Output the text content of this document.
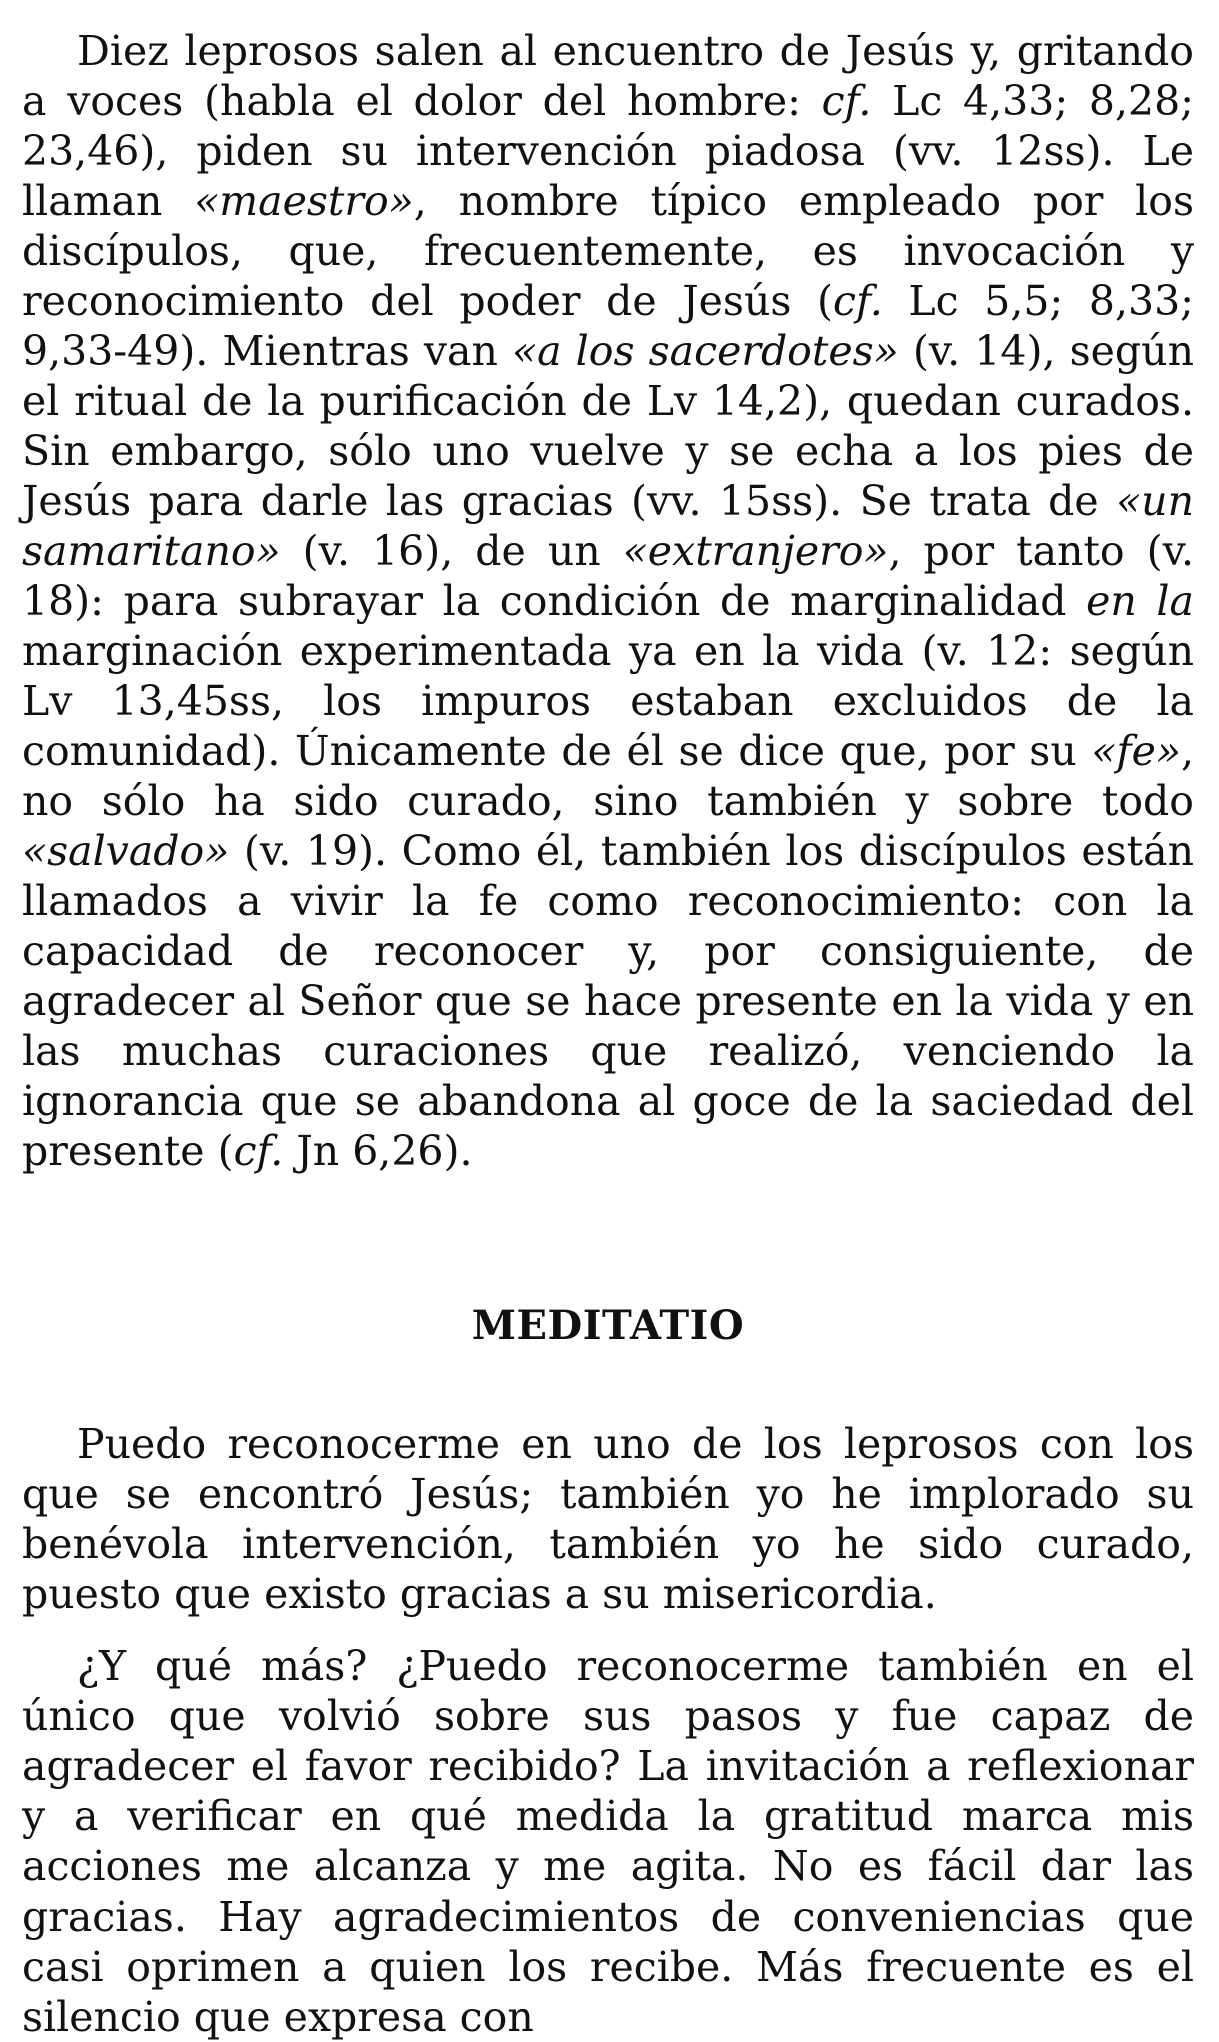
Diez leprosos salen al encuentro de Jesús y, gritando a voces (habla el dolor del hombre: cf. Lc 4,33; 8,28; 23,46), piden su intervención piadosa (vv. 12ss). Le llaman «maestro», nombre típico empleado por los discípulos, que, frecuentemente, es invocación y reconocimiento del poder de Jesús (cf. Lc 5,5; 8,33; 9,33-49). Mientras van «a los sacerdotes» (v. 14), según el ritual de la purificación de Lv 14,2), quedan curados. Sin embargo, sólo uno vuelve y se echa a los pies de Jesús para darle las gracias (vv. 15ss). Se trata de «un samaritano» (v. 16), de un «extranjero», por tanto (v. 18): para subrayar la condición de marginalidad en la marginación experimentada ya en la vida (v. 12: según Lv 13,45ss, los impuros estaban excluidos de la comunidad). Únicamente de él se dice que, por su «fe», no sólo ha sido curado, sino también y sobre todo «salvado» (v. 19). Como él, también los discípulos están llamados a vivir la fe como reconocimiento: con la capacidad de reconocer y, por consiguiente, de agradecer al Señor que se hace presente en la vida y en las muchas curaciones que realizó, venciendo la ignorancia que se abandona al goce de la saciedad del presente (cf. Jn 6,26).

MEDITATIO

Puedo reconocerme en uno de los leprosos con los que se encontró Jesús; también yo he implorado su benévola intervención, también yo he sido curado, puesto que existo gracias a su misericordia.

¿Y qué más? ¿Puedo reconocerme también en el único que volvió sobre sus pasos y fue capaz de agradecer el favor recibido? La invitación a reflexionar y a verificar en qué medida la gratitud marca mis acciones me alcanza y me agita. No es fácil dar las gracias. Hay agradecimientos de conveniencias que casi oprimen a quien los recibe. Más frecuente es el silencio que expresa con
